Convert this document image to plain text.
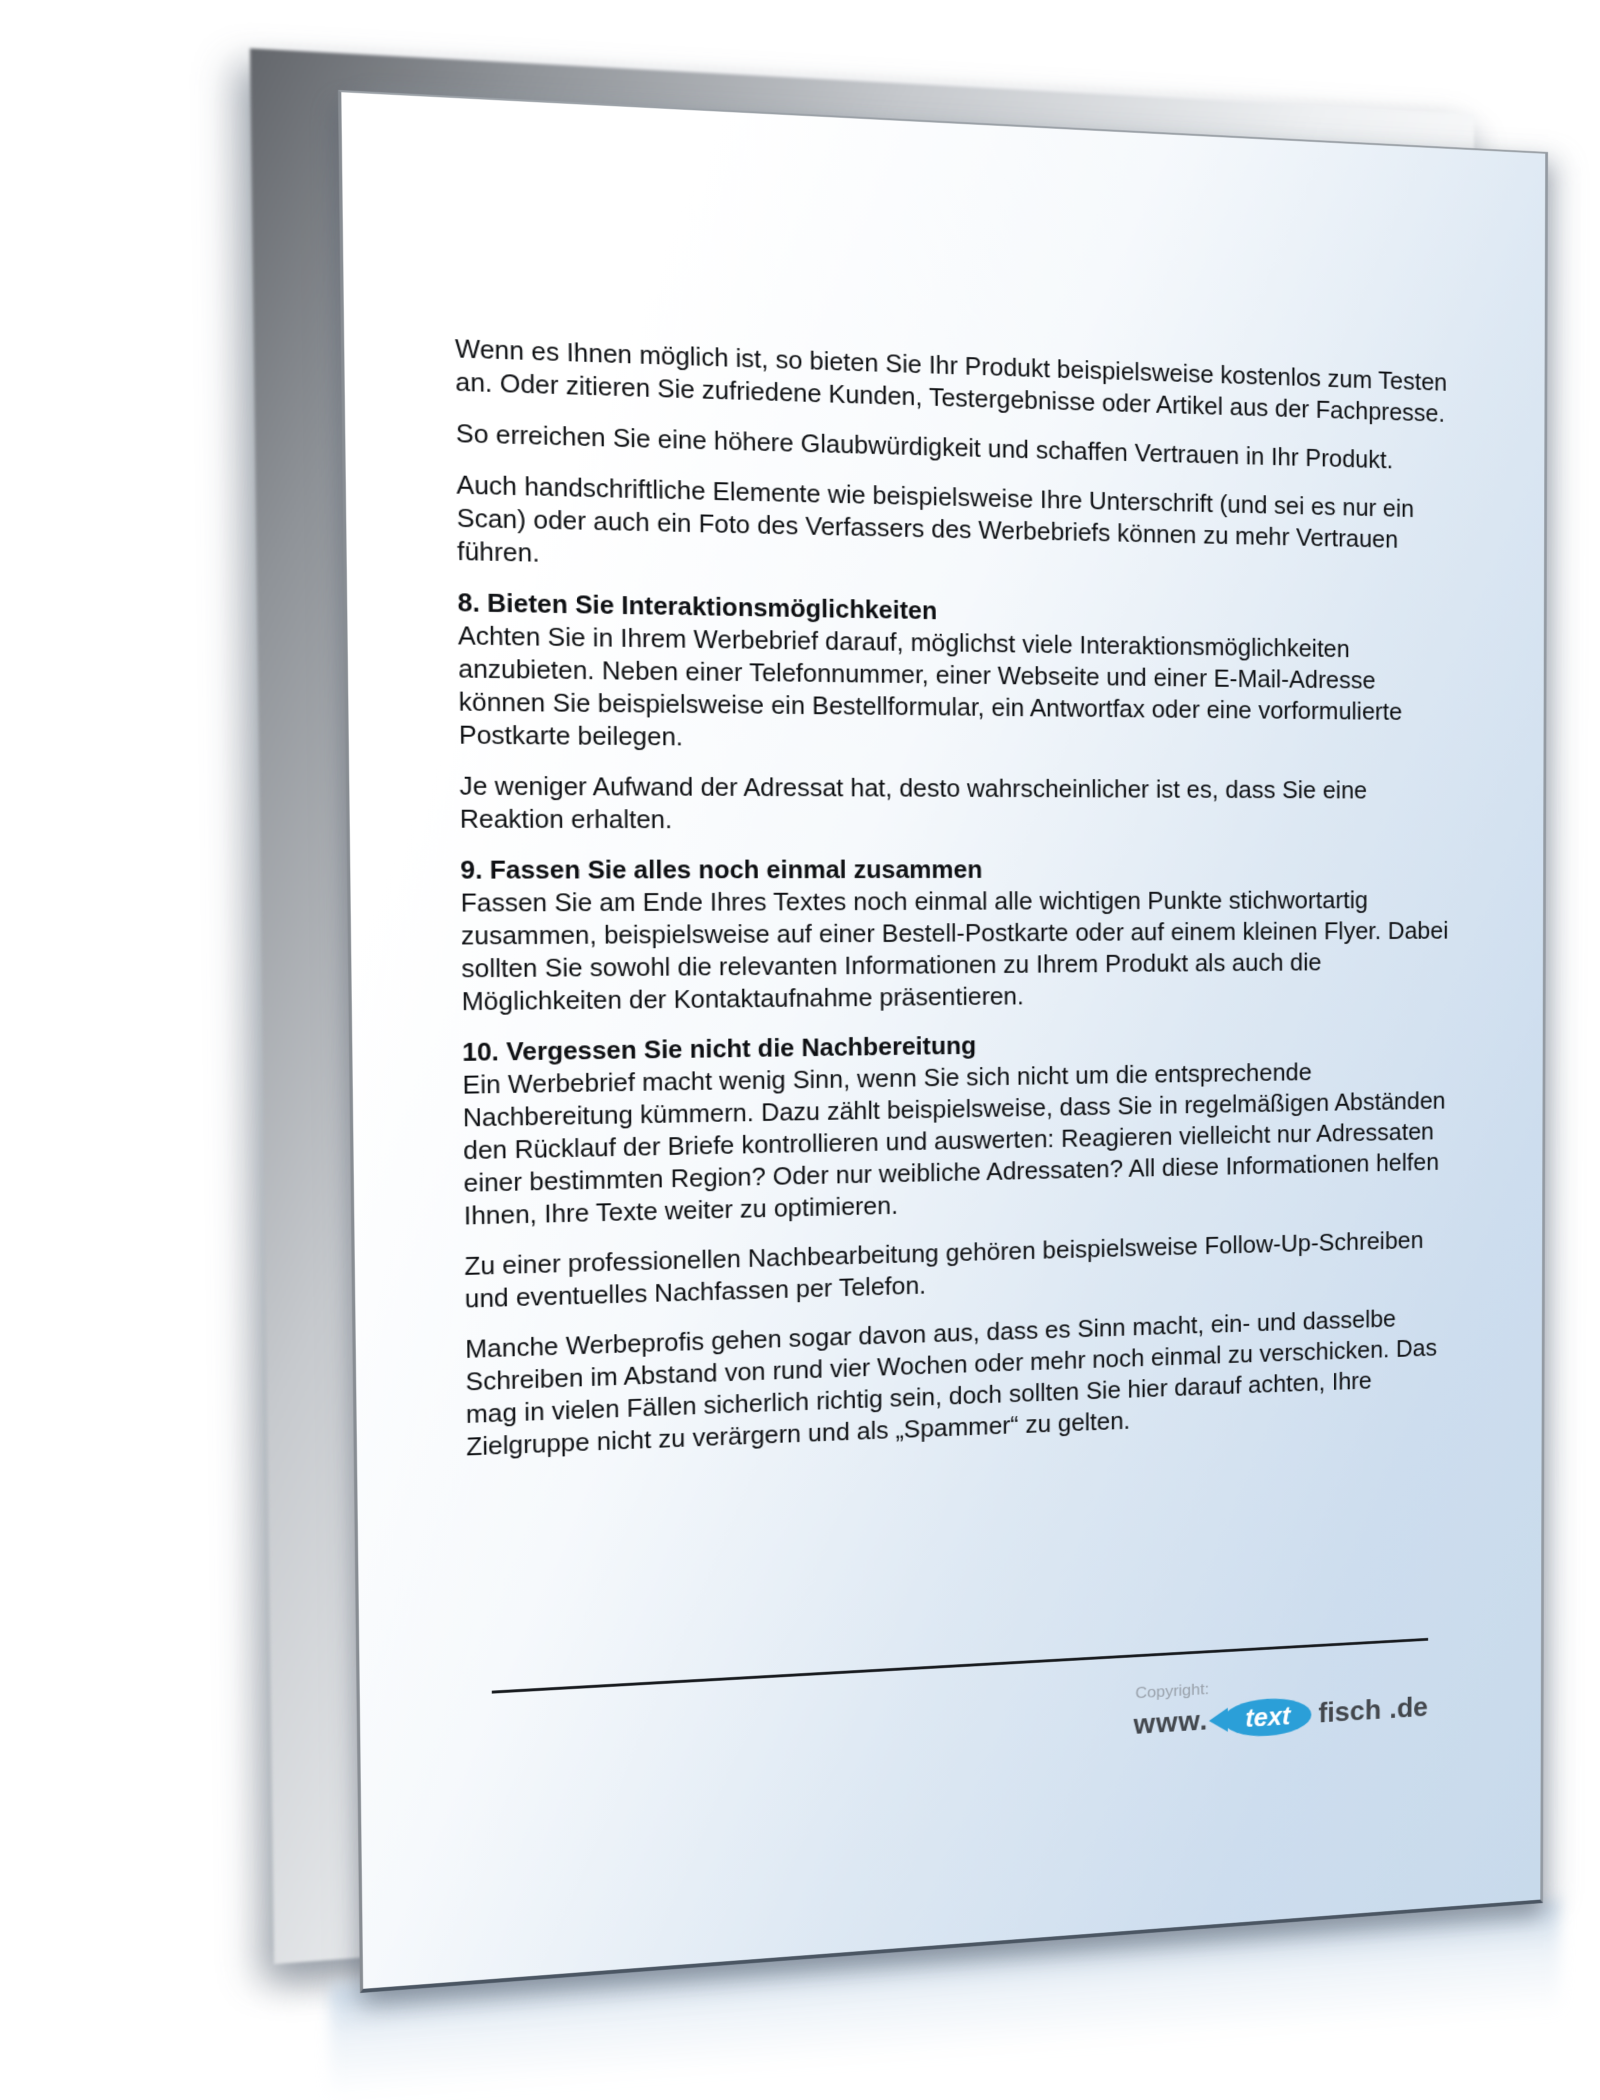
Wenn es Ihnen möglich ist, so bieten Sie Ihr Produkt beispielsweise kostenlos zum Testen an. Oder zitieren Sie zufriedene Kunden, Testergebnisse oder Artikel aus der Fachpresse.

So erreichen Sie eine höhere Glaubwürdigkeit und schaffen Vertrauen in Ihr Produkt.

Auch handschriftliche Elemente wie beispielsweise Ihre Unterschrift (und sei es nur ein Scan) oder auch ein Foto des Verfassers des Werbebriefs können zu mehr Vertrauen führen.

8. Bieten Sie Interaktionsmöglichkeiten

Achten Sie in Ihrem Werbebrief darauf, möglichst viele Interaktionsmöglichkeiten anzubieten. Neben einer Telefonnummer, einer Webseite und einer E-Mail-Adresse können Sie beispielsweise ein Bestellformular, ein Antwortfax oder eine vorformulierte Postkarte beilegen.

Je weniger Aufwand der Adressat hat, desto wahrscheinlicher ist es, dass Sie eine Reaktion erhalten.

9. Fassen Sie alles noch einmal zusammen

Fassen Sie am Ende Ihres Textes noch einmal alle wichtigen Punkte stichwortartig zusammen, beispielsweise auf einer Bestell-Postkarte oder auf einem kleinen Flyer. Dabei sollten Sie sowohl die relevanten Informationen zu Ihrem Produkt als auch die Möglichkeiten der Kontaktaufnahme präsentieren.

10. Vergessen Sie nicht die Nachbereitung

Ein Werbebrief macht wenig Sinn, wenn Sie sich nicht um die entsprechende Nachbereitung kümmern. Dazu zählt beispielsweise, dass Sie in regelmäßigen Abständen den Rücklauf der Briefe kontrollieren und auswerten: Reagieren vielleicht nur Adressaten einer bestimmten Region? Oder nur weibliche Adressaten? All diese Informationen helfen Ihnen, Ihre Texte weiter zu optimieren.

Zu einer professionellen Nachbearbeitung gehören beispielsweise Follow-Up-Schreiben und eventuelles Nachfassen per Telefon.

Manche Werbeprofis gehen sogar davon aus, dass es Sinn macht, ein- und dasselbe Schreiben im Abstand von rund vier Wochen oder mehr noch einmal zu verschicken. Das mag in vielen Fällen sicherlich richtig sein, doch sollten Sie hier darauf achten, Ihre Zielgruppe nicht zu verärgern und als „Spammer“ zu gelten.

Copyright:
www. text fisch .de
